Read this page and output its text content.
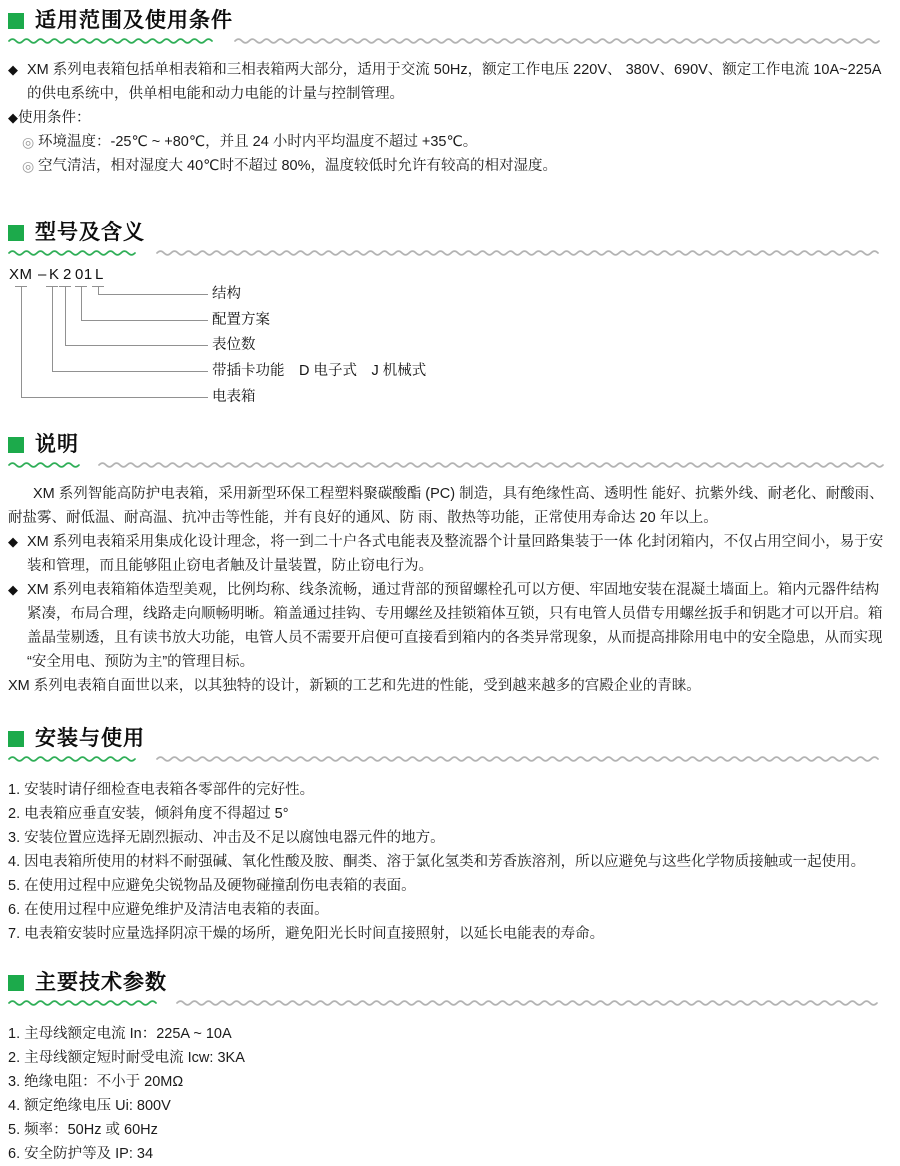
适用范围及使用条件

◆ XM 系列电表箱包括单相表箱和三相表箱两大部分，适用于交流 50Hz，额定工作电压 220V、 380V、690V、额定工作电流 10A~225A 的供电系统中，供单相电能和动力电能的计量与控制管理。

◆使用条件：

◎ 环境温度：-25℃ ~ +80℃，并且 24 小时内平均温度不超过 +35℃。

◎ 空气清洁，相对湿度大 40℃时不超过 80%，温度较低时允许有较高的相对湿度。

型号及含义
XM – K 2 01 L
结构
配置方案
表位数
带插卡功能　D 电子式　J 机械式
电表箱
说明

XM 系列智能高防护电表箱，采用新型环保工程塑料聚碳酸酯 (PC) 制造，具有绝缘性高、透明性 能好、抗紫外线、耐老化、耐酸雨、耐盐雾、耐低温、耐高温、抗冲击等性能，并有良好的通风、防 雨、散热等功能，正常使用寿命达 20 年以上。

◆ XM 系列电表箱采用集成化设计理念，将一到二十户各式电能表及整流器个计量回路集装于一体 化封闭箱内，不仅占用空间小，易于安装和管理，而且能够阻止窃电者触及计量装置，防止窃电行为。

◆ XM 系列电表箱箱体造型美观，比例均称、线条流畅，通过背部的预留螺栓孔可以方便、牢固地安装在混凝土墙面上。箱内元器件结构紧凑，布局合理，线路走向顺畅明晰。箱盖通过挂钩、专用螺丝及挂锁箱体互锁，只有电管人员借专用螺丝扳手和钥匙才可以开启。箱盖晶莹剔透，且有读书放大功能，电管人员不需要开启便可直接看到箱内的各类异常现象，从而提高排除用电中的安全隐患，从而实现“安全用电、预防为主”的管理目标。

XM 系列电表箱自面世以来，以其独特的设计，新颖的工艺和先进的性能，受到越来越多的宫殿企业的青睐。

安装与使用

1. 安装时请仔细检查电表箱各零部件的完好性。

2. 电表箱应垂直安装，倾斜角度不得超过 5°

3. 安装位置应选择无剧烈振动、冲击及不足以腐蚀电器元件的地方。

4. 因电表箱所使用的材料不耐强碱、氧化性酸及胺、酮类、溶于氯化氢类和芳香族溶剂，所以应避免与这些化学物质接触或一起使用。

5. 在使用过程中应避免尖锐物品及硬物碰撞刮伤电表箱的表面。

6. 在使用过程中应避免维护及清洁电表箱的表面。

7. 电表箱安装时应量选择阴凉干燥的场所，避免阳光长时间直接照射，以延长电能表的寿命。

主要技术参数

1. 主母线额定电流 In：225A ~ 10A

2. 主母线额定短时耐受电流 Icw: 3KA

3. 绝缘电阻：不小于 20MΩ

4. 额定绝缘电压 Ui: 800V

5. 频率：50Hz 或 60Hz

6. 安全防护等及 IP: 34
